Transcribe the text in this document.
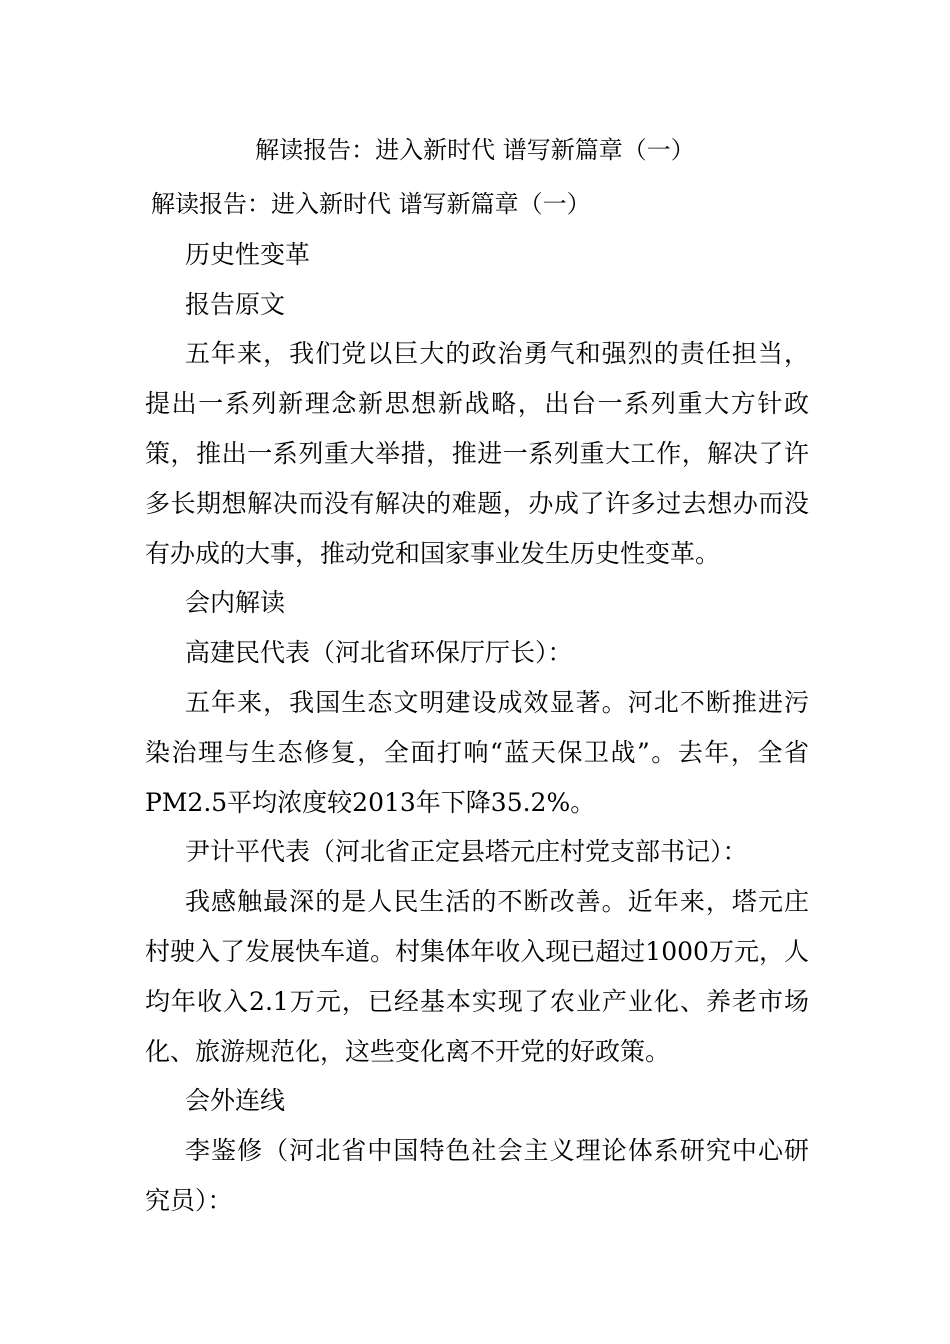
解读报告：进入新时代 谱写新篇章（一）

解读报告：进入新时代 谱写新篇章（一）

历史性变革

报告原文

五年来，我们党以巨大的政治勇气和强烈的责任担当，提出一系列新理念新思想新战略，出台一系列重大方针政策，推出一系列重大举措，推进一系列重大工作，解决了许多长期想解决而没有解决的难题，办成了许多过去想办而没有办成的大事，推动党和国家事业发生历史性变革。

会内解读

高建民代表（河北省环保厅厅长）：

五年来，我国生态文明建设成效显著。河北不断推进污染治理与生态修复，全面打响“蓝天保卫战”。去年，全省PM2.5平均浓度较2013年下降35.2%。

尹计平代表（河北省正定县塔元庄村党支部书记）：

我感触最深的是人民生活的不断改善。近年来，塔元庄村驶入了发展快车道。村集体年收入现已超过1000万元，人均年收入2.1万元，已经基本实现了农业产业化、养老市场化、旅游规范化，这些变化离不开党的好政策。

会外连线

李鉴修（河北省中国特色社会主义理论体系研究中心研究员）：
